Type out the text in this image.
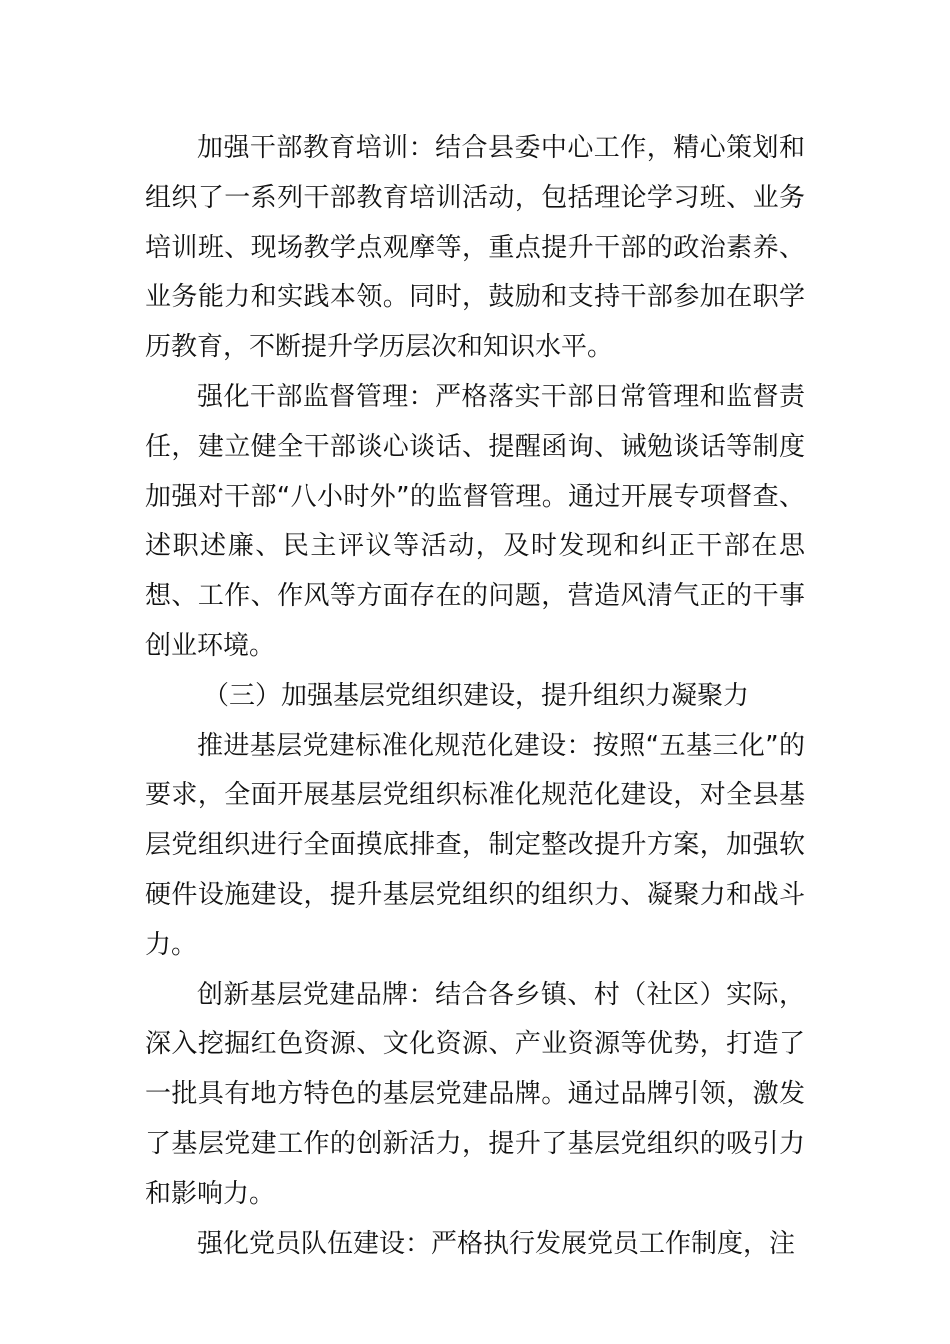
加强干部教育培训：结合县委中心工作，精心策划和组织了一系列干部教育培训活动，包括理论学习班、业务培训班、现场教学点观摩等，重点提升干部的政治素养、业务能力和实践本领。同时，鼓励和支持干部参加在职学历教育，不断提升学历层次和知识水平。

强化干部监督管理：严格落实干部日常管理和监督责任，建立健全干部谈心谈话、提醒函询、诫勉谈话等制度加强对干部“八小时外”的监督管理。通过开展专项督查、述职述廉、民主评议等活动，及时发现和纠正干部在思想、工作、作风等方面存在的问题，营造风清气正的干事创业环境。

（三）加强基层党组织建设，提升组织力凝聚力

推进基层党建标准化规范化建设：按照“五基三化”的要求，全面开展基层党组织标准化规范化建设，对全县基层党组织进行全面摸底排查，制定整改提升方案，加强软硬件设施建设，提升基层党组织的组织力、凝聚力和战斗力。

创新基层党建品牌：结合各乡镇、村（社区）实际，深入挖掘红色资源、文化资源、产业资源等优势，打造了一批具有地方特色的基层党建品牌。通过品牌引领，激发了基层党建工作的创新活力，提升了基层党组织的吸引力和影响力。

强化党员队伍建设：严格执行发展党员工作制度，注
